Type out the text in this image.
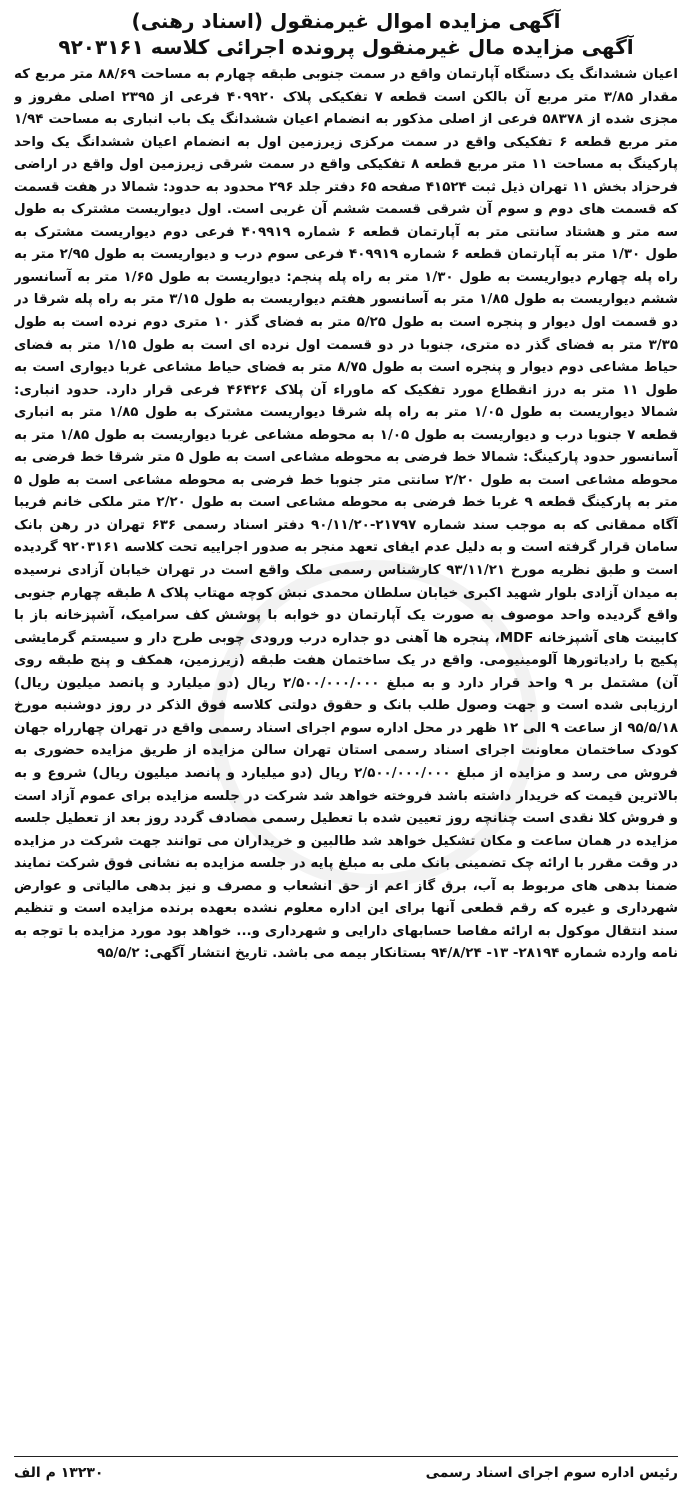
آگهی مزایده اموال غیرمنقول (اسناد رهنی)
آگهی مزایده مال غیرمنقول پرونده اجرائی کلاسه ۹۲۰۳۱۶۱

اعیان ششدانگ یک دستگاه آپارتمان واقع در سمت جنوبی طبقه چهارم به مساحت ۸۸/۶۹ متر مربع که مقدار ۳/۸۵ متر مربع آن بالکن است قطعه ۷ تفکیکی پلاک ۴۰۹۹۲۰ فرعی از ۲۳۹۵ اصلی مفروز و مجزی شده از ۵۸۳۷۸ فرعی از اصلی مذکور به انضمام اعیان ششدانگ یک باب انباری به مساحت ۱/۹۴ متر مربع قطعه ۶ تفکیکی واقع در سمت مرکزی زیرزمین اول به انضمام اعیان ششدانگ یک واحد پارکینگ به مساحت ۱۱ متر مربع قطعه ۸ تفکیکی واقع در سمت شرقی زیرزمین اول واقع در اراضی فرحزاد بخش ۱۱ تهران ذیل ثبت ۴۱۵۲۴ صفحه ۶۵ دفتر جلد ۲۹۶ محدود به حدود: شمالا در هفت قسمت که قسمت های دوم و سوم آن شرقی قسمت ششم آن غربی است. اول دیواریست مشترک به طول سه متر و هشتاد سانتی متر به آپارتمان قطعه ۶ شماره ۴۰۹۹۱۹ فرعی دوم دیواریست مشترک به طول ۱/۳۰ متر به آپارتمان قطعه ۶ شماره ۴۰۹۹۱۹ فرعی سوم درب و دیواریست به طول ۲/۹۵ متر به راه پله چهارم دیواریست به طول ۱/۳۰ متر به راه پله پنجم: دیواریست به طول ۱/۶۵ متر به آسانسور ششم دیواریست به طول ۱/۸۵ متر به آسانسور هفتم دیواریست به طول ۳/۱۵ متر به راه پله شرقا در دو قسمت اول دیوار و پنجره است به طول ۵/۲۵ متر به فضای گذر ۱۰ متری دوم نرده است به طول ۳/۳۵ متر به فضای گذر ده متری، جنوبا در دو قسمت اول نرده ای است به طول ۱/۱۵ متر به فضای حیاط مشاعی دوم دیوار و پنجره است به طول ۸/۷۵ متر به فضای حیاط مشاعی غربا دیواری است به طول ۱۱ متر به درز انقطاع مورد تفکیک که ماوراء آن پلاک ۴۶۴۲۶ فرعی قرار دارد. حدود انباری: شمالا دیواریست به طول ۱/۰۵ متر به راه پله شرقا دیواریست مشترک به طول ۱/۸۵ متر به انباری قطعه ۷ جنوبا درب و دیواریست به طول ۱/۰۵ به محوطه مشاعی غربا دیواریست به طول ۱/۸۵ متر به آسانسور حدود پارکینگ: شمالا خط فرضی به محوطه مشاعی است به طول ۵ متر شرقا خط فرضی به محوطه مشاعی است به طول ۲/۲۰ سانتی متر جنوبا خط فرضی به محوطه مشاعی است به طول ۵ متر به پارکینگ قطعه ۹ غربا خط فرضی به محوطه مشاعی است به طول ۲/۲۰ متر ملکی خانم فریبا آگاه ممقانی که به موجب سند شماره ۲۱۷۹۷-۹۰/۱۱/۲۰ دفتر اسناد رسمی ۶۳۶ تهران در رهن بانک سامان قرار گرفته است و به دلیل عدم ایفای تعهد منجر به صدور اجراییه تحت کلاسه ۹۲۰۳۱۶۱ گردیده است و طبق نظریه مورخ ۹۳/۱۱/۲۱ کارشناس رسمی ملک واقع است در تهران خیابان آزادی نرسیده به میدان آزادی بلوار شهید اکبری خیابان سلطان محمدی نبش کوچه مهتاب پلاک ۸ طبقه چهارم جنوبی واقع گردیده واحد موصوف به صورت یک آپارتمان دو خوابه با پوشش کف سرامیک، آشپزخانه باز با کابینت های آشپزخانه MDF، پنجره ها آهنی دو جداره درب ورودی چوبی طرح دار و سیستم گرمایشی پکیج با رادیاتورها آلومینیومی. واقع در یک ساختمان هفت طبقه (زیرزمین، همکف و پنج طبقه روی آن) مشتمل بر ۹ واحد قرار دارد و به مبلغ ۲/۵۰۰/۰۰۰/۰۰۰ ریال (دو میلیارد و پانصد میلیون ریال) ارزیابی شده است و جهت وصول طلب بانک و حقوق دولتی کلاسه فوق الذکر در روز دوشنبه مورخ ۹۵/۵/۱۸ از ساعت ۹ الی ۱۲ ظهر در محل اداره سوم اجرای اسناد رسمی واقع در تهران چهارراه جهان کودک ساختمان معاونت اجرای اسناد رسمی استان تهران سالن مزایده از طریق مزایده حضوری به فروش می رسد و مزایده از مبلغ ۲/۵۰۰/۰۰۰/۰۰۰ ریال (دو میلیارد و پانصد میلیون ریال) شروع و به بالاترین قیمت که خریدار داشته باشد فروخته خواهد شد شرکت در جلسه مزایده برای عموم آزاد است و فروش کلا نقدی است چنانچه روز تعیین شده با تعطیل رسمی مصادف گردد روز بعد از تعطیل جلسه مزایده در همان ساعت و مکان تشکیل خواهد شد طالبین و خریداران می توانند جهت شرکت در مزایده در وقت مقرر با ارائه چک تضمینی بانک ملی به مبلغ پایه در جلسه مزایده به نشانی فوق شرکت نمایند ضمنا بدهی های مربوط به آب، برق گاز اعم از حق انشعاب و مصرف و نیز بدهی مالیاتی و عوارض شهرداری و غیره که رقم قطعی آنها برای این اداره معلوم نشده بعهده برنده مزایده است و تنظیم سند انتقال موکول به ارائه مفاصا حسابهای دارایی و شهرداری و... خواهد بود مورد مزایده با توجه به نامه وارده شماره ۲۸۱۹۴- ۱۳- ۹۴/۸/۲۴ بستانکار بیمه می باشد. تاریخ انتشار آگهی: ۹۵/۵/۲

رئیس اداره سوم اجرای اسناد رسمی
۱۳۲۳۰ م الف
